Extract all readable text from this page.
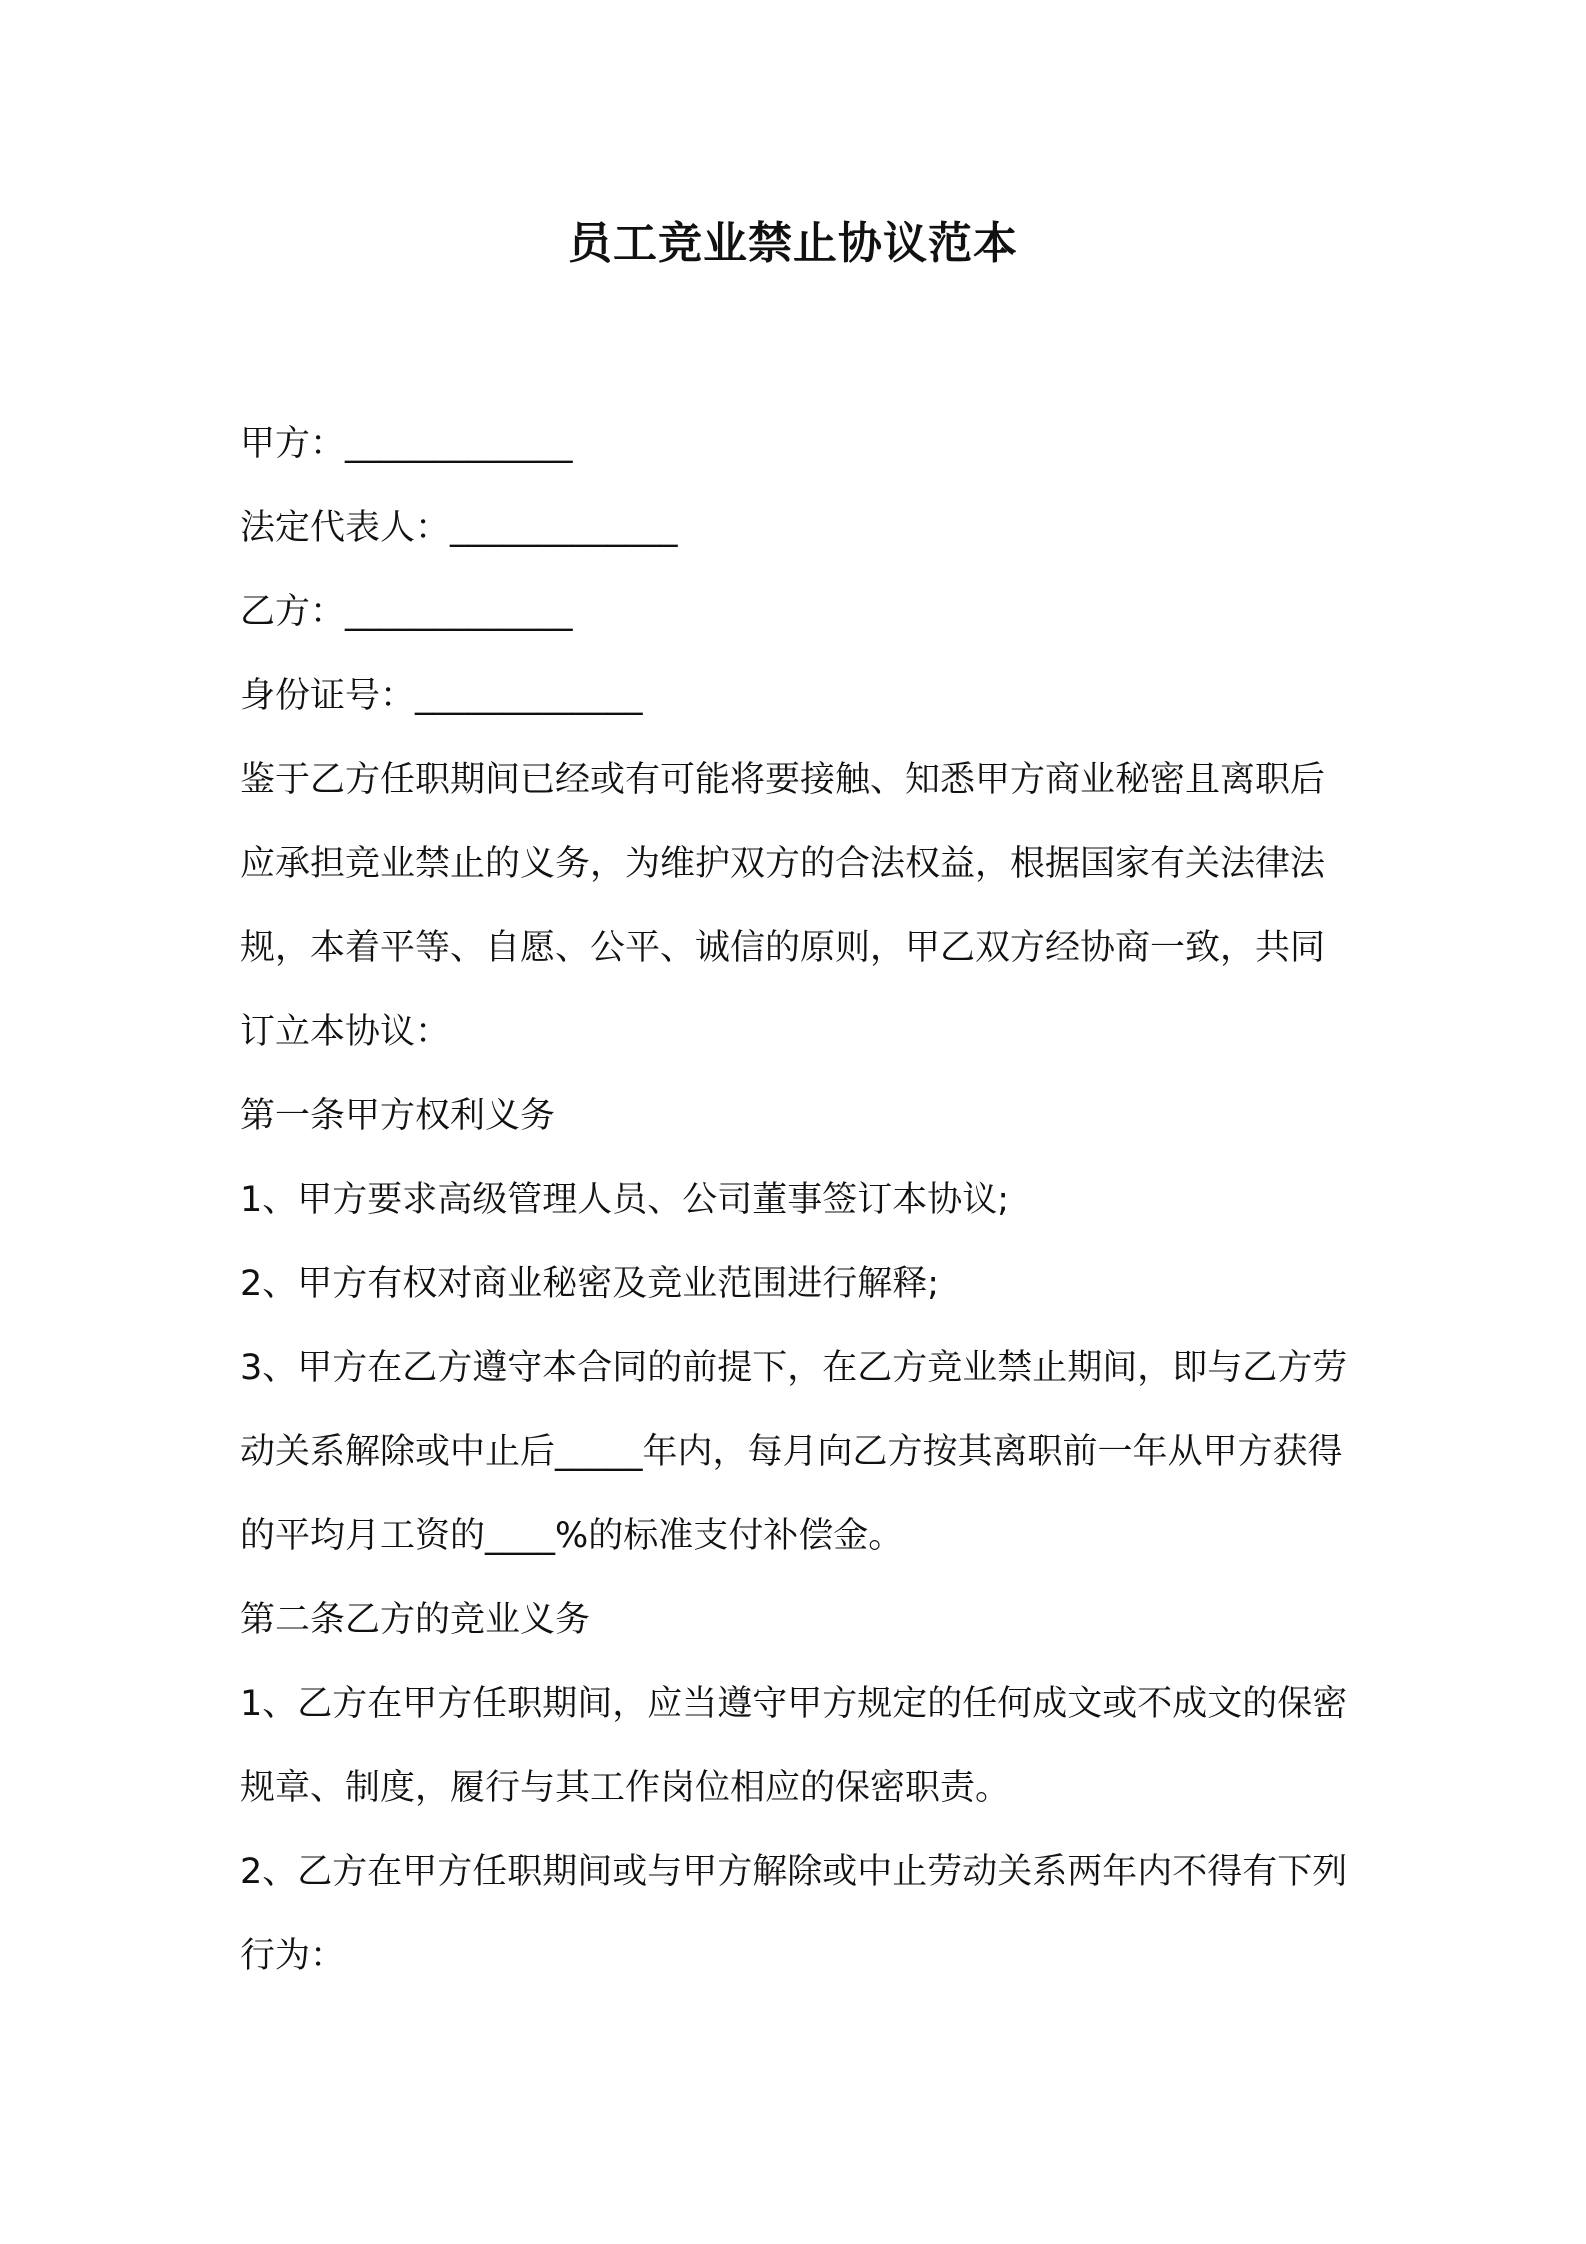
员工竞业禁止协议范本

甲方：_____________

法定代表人：_____________

乙方：_____________

身份证号：_____________

鉴于乙方任职期间已经或有可能将要接触、知悉甲方商业秘密且离职后应承担竞业禁止的义务，为维护双方的合法权益，根据国家有关法律法规，本着平等、自愿、公平、诚信的原则，甲乙双方经协商一致，共同订立本协议：

第一条甲方权利义务

1、甲方要求高级管理人员、公司董事签订本协议;

2、甲方有权对商业秘密及竞业范围进行解释;

3、甲方在乙方遵守本合同的前提下，在乙方竞业禁止期间，即与乙方劳动关系解除或中止后_____年内，每月向乙方按其离职前一年从甲方获得的平均月工资的____%的标准支付补偿金。

第二条乙方的竞业义务

1、乙方在甲方任职期间，应当遵守甲方规定的任何成文或不成文的保密规章、制度，履行与其工作岗位相应的保密职责。

2、乙方在甲方任职期间或与甲方解除或中止劳动关系两年内不得有下列行为：
